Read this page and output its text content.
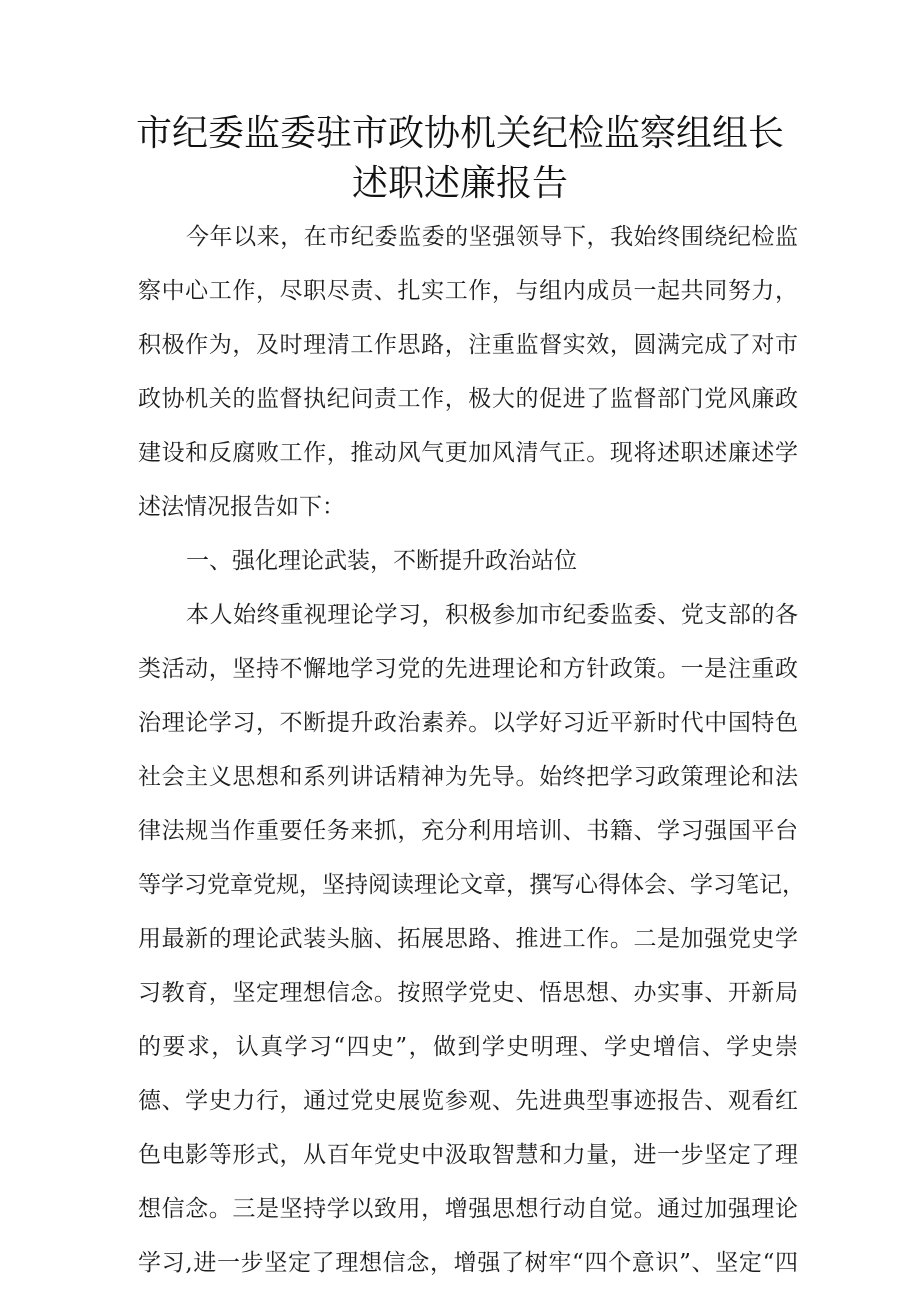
市纪委监委驻市政协机关纪检监察组组长
述职述廉报告
今年以来，在市纪委监委的坚强领导下，我始终围绕纪检监
察中心工作，尽职尽责、扎实工作，与组内成员一起共同努力，
积极作为，及时理清工作思路，注重监督实效，圆满完成了对市
政协机关的监督执纪问责工作，极大的促进了监督部门党风廉政
建设和反腐败工作，推动风气更加风清气正。现将述职述廉述学
述法情况报告如下：
一、强化理论武装，不断提升政治站位
本人始终重视理论学习，积极参加市纪委监委、党支部的各
类活动，坚持不懈地学习党的先进理论和方针政策。一是注重政
治理论学习，不断提升政治素养。以学好习近平新时代中国特色
社会主义思想和系列讲话精神为先导。始终把学习政策理论和法
律法规当作重要任务来抓，充分利用培训、书籍、学习强国平台
等学习党章党规，坚持阅读理论文章，撰写心得体会、学习笔记，
用最新的理论武装头脑、拓展思路、推进工作。二是加强党史学
习教育，坚定理想信念。按照学党史、悟思想、办实事、开新局
的要求，认真学习“四史”，做到学史明理、学史增信、学史崇
德、学史力行，通过党史展览参观、先进典型事迹报告、观看红
色电影等形式，从百年党史中汲取智慧和力量，进一步坚定了理
想信念。三是坚持学以致用，增强思想行动自觉。通过加强理论
学习,进一步坚定了理想信念，增强了树牢“四个意识”、坚定“四
